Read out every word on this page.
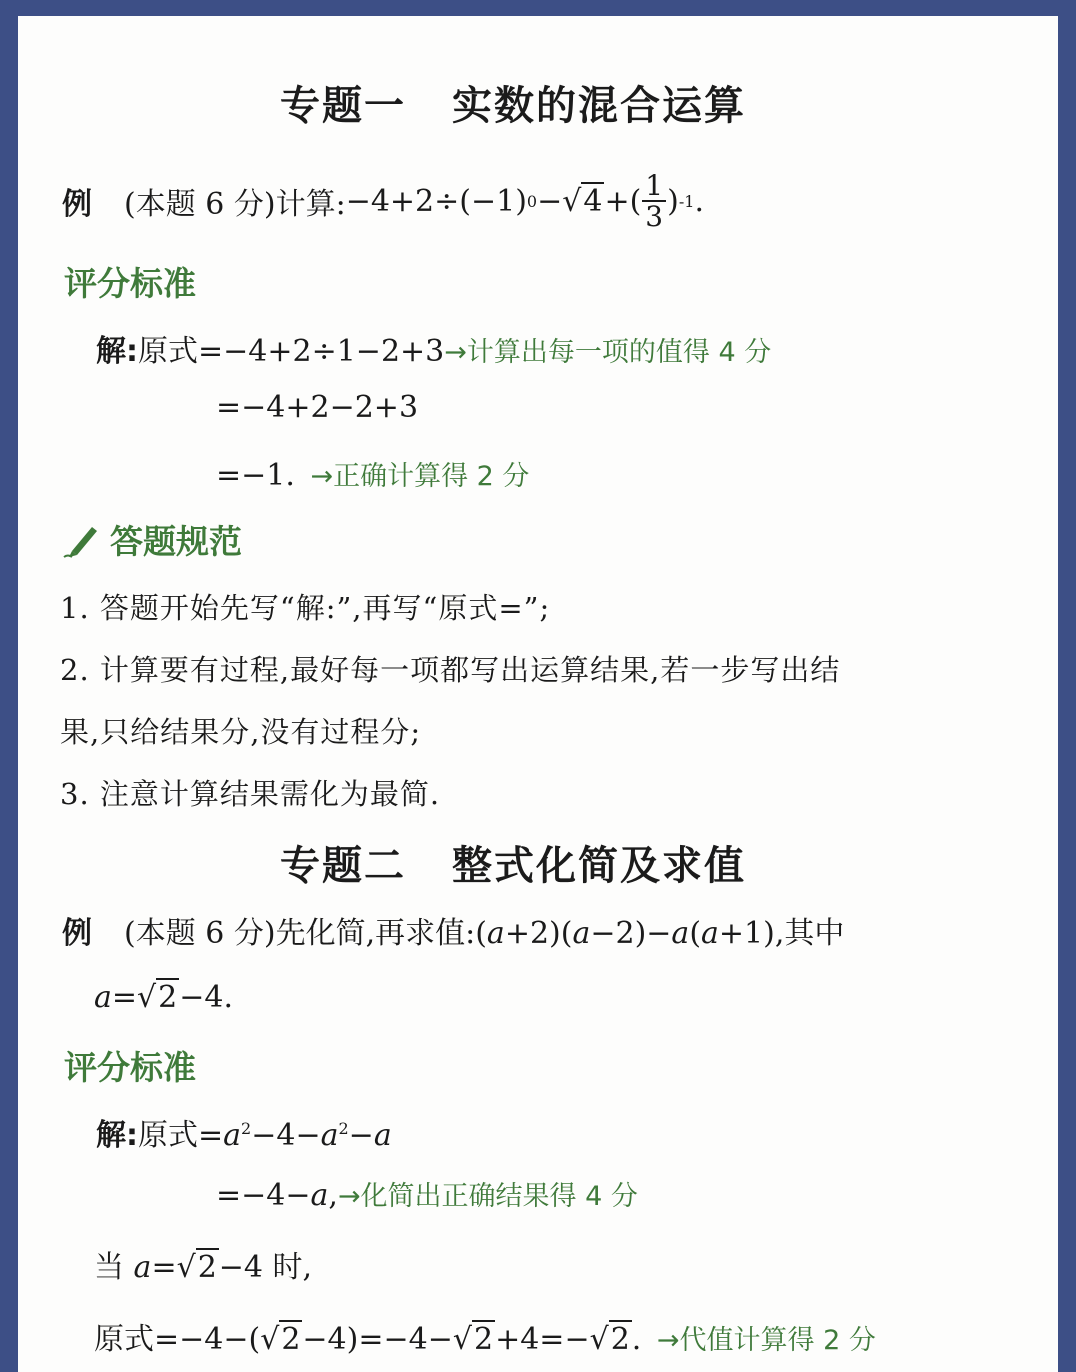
专题一 实数的混合运算
例 (本题 6 分)计算: −4+2÷(−1) 0 − √4 +( $\frac{1}{3}$ ) -1 .
评分标准
解:原式=−4+2÷1−2+3→计算出每一项的值得 4 分
=−4+2−2+3
=−1. →正确计算得 2 分
答题规范
1. 答题开始先写“解:”,再写“原式=”;
2. 计算要有过程,最好每一项都写出运算结果,若一步写出结
果,只给结果分,没有过程分;
3. 注意计算结果需化为最简.
专题二 整式化简及求值
例 (本题 6 分)先化简,再求值:(a+2)(a−2)−a(a+1),其中
a=√2−4.
评分标准
解:原式$=a^2-4-a^2-a$
=−4−a,→化简出正确结果得 4 分
当 a=√2−4 时,
原式=−4−(√2−4)=−4−√2+4=−√2. →代值计算得 2 分
